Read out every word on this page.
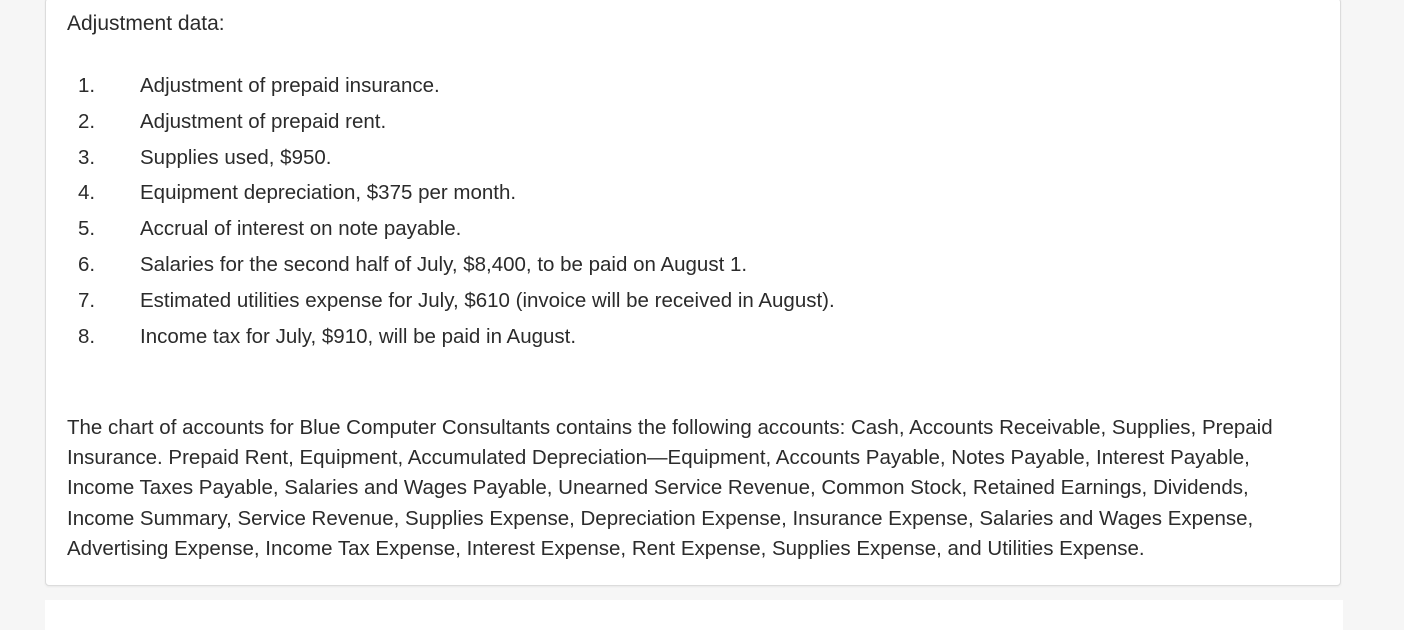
Adjustment data:
1.	Adjustment of prepaid insurance.
2.	Adjustment of prepaid rent.
3.	Supplies used, $950.
4.	Equipment depreciation, $375 per month.
5.	Accrual of interest on note payable.
6.	Salaries for the second half of July, $8,400, to be paid on August 1.
7.	Estimated utilities expense for July, $610 (invoice will be received in August).
8.	Income tax for July, $910, will be paid in August.

The chart of accounts for Blue Computer Consultants contains the following accounts: Cash, Accounts Receivable, Supplies, Prepaid Insurance. Prepaid Rent, Equipment, Accumulated Depreciation—Equipment, Accounts Payable, Notes Payable, Interest Payable, Income Taxes Payable, Salaries and Wages Payable, Unearned Service Revenue, Common Stock, Retained Earnings, Dividends, Income Summary, Service Revenue, Supplies Expense, Depreciation Expense, Insurance Expense, Salaries and Wages Expense, Advertising Expense, Income Tax Expense, Interest Expense, Rent Expense, Supplies Expense, and Utilities Expense.
